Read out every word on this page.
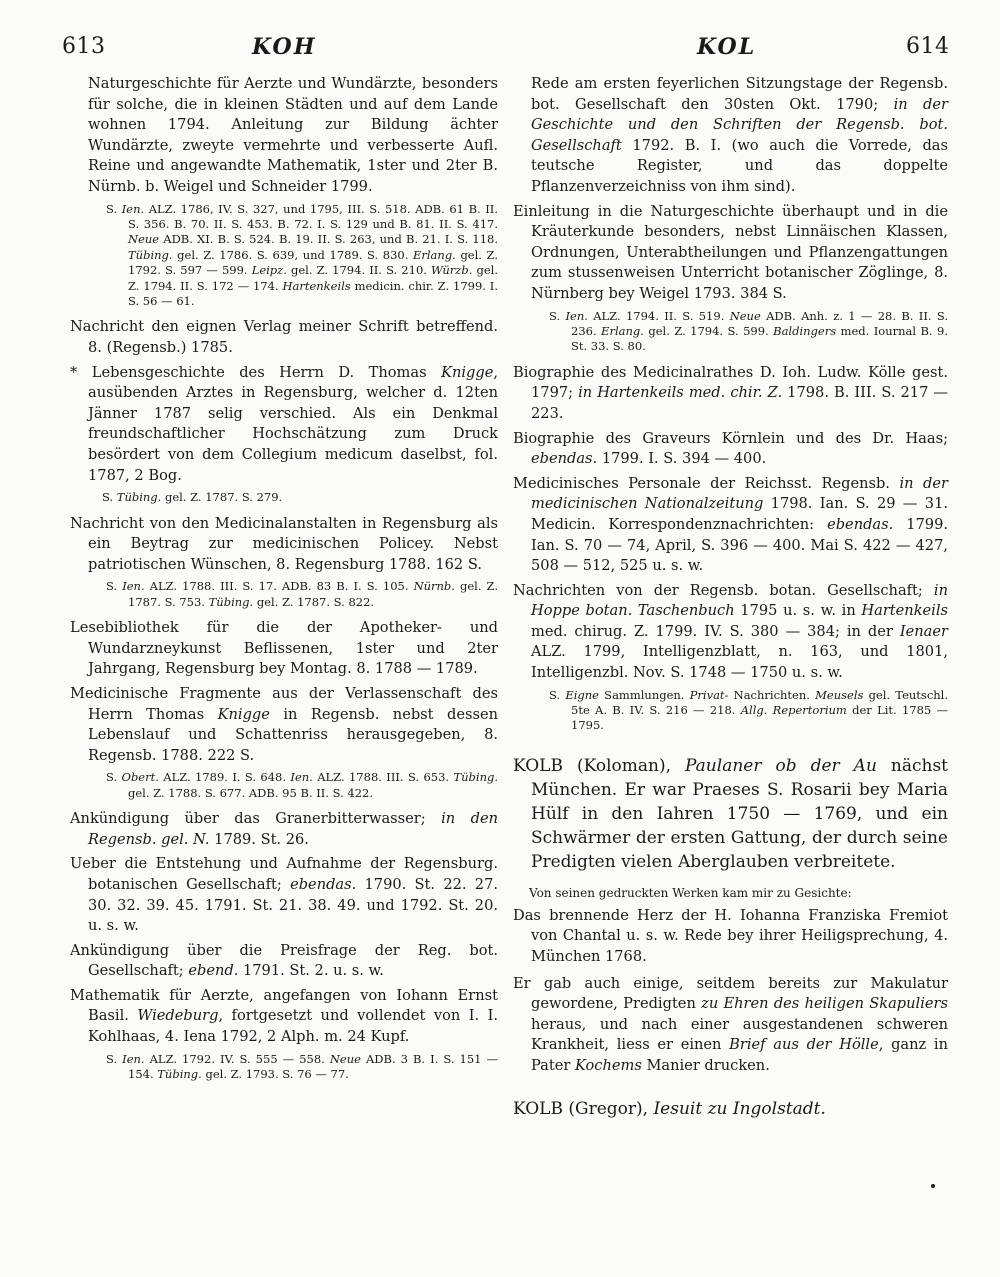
613	KOH	KOL	614

Naturgeschichte für Aerzte und Wundärzte, besonders für solche, die in kleinen Städten und auf dem Lande wohnen 1794. Anleitung zur Bildung ächter Wundärzte, zweyte vermehrte und verbesserte Aufl. Reine und angewandte Mathematik, 1ster und 2ter B. Nürnb. b. Weigel und Schneider 1799.

S. Ien. ALZ. 1786, IV. S. 327, und 1795, III. S. 518. ADB. 61 B. II. S. 356. B. 70. II. S. 453. B. 72. I. S. 129 und B. 81. II. S. 417. Neue ADB. XI. B. S. 524. B. 19. II. S. 263, und B. 21. I. S. 118. Tübing. gel. Z. 1786. S. 639, und 1789. S. 830. Erlang. gel. Z. 1792. S. 597 — 599. Leipz. gel. Z. 1794. II. S. 210. Würzb. gel. Z. 1794. II. S. 172 — 174. Hartenkeils medicin. chir. Z. 1799. I. S. 56 — 61.

Nachricht den eignen Verlag meiner Schrift betreffend. 8. (Regensb.) 1785.

* Lebensgeschichte des Herrn D. Thomas Knigge, ausübenden Arztes in Regensburg, welcher d. 12ten Jänner 1787 selig verschied. Als ein Denkmal freundschaftlicher Hochschätzung zum Druck besördert von dem Collegium medicum daselbst, fol. 1787, 2 Bog.

S. Tübing. gel. Z. 1787. S. 279.

Nachricht von den Medicinalanstalten in Regensburg als ein Beytrag zur medicinischen Policey. Nebst patriotischen Wünschen, 8. Regensburg 1788. 162 S.

S. Ien. ALZ. 1788. III. S. 17. ADB. 83 B. I. S. 105. Nürnb. gel. Z. 1787. S. 753. Tübing. gel. Z. 1787. S. 822.

Lesebibliothek für die der Apotheker- und Wundarzneykunst Beflissenen, 1ster und 2ter Jahrgang, Regensburg bey Montag. 8. 1788 — 1789.

Medicinische Fragmente aus der Verlassenschaft des Herrn Thomas Knigge in Regensb. nebst dessen Lebenslauf und Schattenriss herausgegeben, 8. Regensb. 1788. 222 S.

S. Obert. ALZ. 1789. I. S. 648. Ien. ALZ. 1788. III. S. 653. Tübing. gel. Z. 1788. S. 677. ADB. 95 B. II. S. 422.

Ankündigung über das Granerbitterwasser; in den Regensb. gel. N. 1789. St. 26.

Ueber die Entstehung und Aufnahme der Regensburg. botanischen Gesellschaft; ebendas. 1790. St. 22. 27. 30. 32. 39. 45. 1791. St. 21. 38. 49. und 1792. St. 20. u. s. w.

Ankündigung über die Preisfrage der Reg. bot. Gesellschaft; ebend. 1791. St. 2. u. s. w.

Mathematik für Aerzte, angefangen von Iohann Ernst Basil. Wiedeburg, fortgesetzt und vollendet von I. I. Kohlhaas, 4. Iena 1792, 2 Alph. m. 24 Kupf.

S. Ien. ALZ. 1792. IV. S. 555 — 558. Neue ADB. 3 B. I. S. 151 — 154. Tübing. gel. Z. 1793. S. 76 — 77.

Rede am ersten feyerlichen Sitzungstage der Regensb. bot. Gesellschaft den 30sten Okt. 1790; in der Geschichte und den Schriften der Regensb. bot. Gesellschaft 1792. B. I. (wo auch die Vorrede, das teutsche Register, und das doppelte Pflanzenverzeichniss von ihm sind).

Einleitung in die Naturgeschichte überhaupt und in die Kräuterkunde besonders, nebst Linnäischen Klassen, Ordnungen, Unterabtheilungen und Pflanzengattungen zum stussenweisen Unterricht botanischer Zöglinge, 8. Nürnberg bey Weigel 1793. 384 S.

S. Ien. ALZ. 1794. II. S. 519. Neue ADB. Anh. z. 1 — 28. B. II. S. 236. Erlang. gel. Z. 1794. S. 599. Baldingers med. Iournal B. 9. St. 33. S. 80.

Biographie des Medicinalrathes D. Ioh. Ludw. Kölle gest. 1797; in Hartenkeils med. chir. Z. 1798. B. III. S. 217 — 223.

Biographie des Graveurs Körnlein und des Dr. Haas; ebendas. 1799. I. S. 394 — 400.

Medicinisches Personale der Reichsst. Regensb. in der medicinischen Nationalzeitung 1798. Ian. S. 29 — 31. Medicin. Korrespondenznachrichten: ebendas. 1799. Ian. S. 70 — 74, April, S. 396 — 400. Mai S. 422 — 427, 508 — 512, 525 u. s. w.

Nachrichten von der Regensb. botan. Gesellschaft; in Hoppe botan. Taschenbuch 1795 u. s. w. in Hartenkeils med. chirug. Z. 1799. IV. S. 380 — 384; in der Ienaer ALZ. 1799, Intelligenzblatt, n. 163, und 1801, Intelligenzbl. Nov. S. 1748 — 1750 u. s. w.

S. Eigne Sammlungen. Privat- Nachrichten. Meusels gel. Teutschl. 5te A. B. IV. S. 216 — 218. Allg. Repertorium der Lit. 1785 — 1795.

KOLB (Koloman), Paulaner ob der Au nächst München. Er war Praeses S. Rosarii bey Maria Hülf in den Iahren 1750 — 1769, und ein Schwärmer der ersten Gattung, der durch seine Predigten vielen Aberglauben verbreitete.

Von seinen gedruckten Werken kam mir zu Gesichte:

Das brennende Herz der H. Iohanna Franziska Fremiot von Chantal u. s. w. Rede bey ihrer Heiligsprechung, 4. München 1768.

Er gab auch einige, seitdem bereits zur Makulatur gewordene, Predigten zu Ehren des heiligen Skapuliers heraus, und nach einer ausgestandenen schweren Krankheit, liess er einen Brief aus der Hölle, ganz in Pater Kochems Manier drucken.

KOLB (Gregor), Iesuit zu Ingolstadt.
